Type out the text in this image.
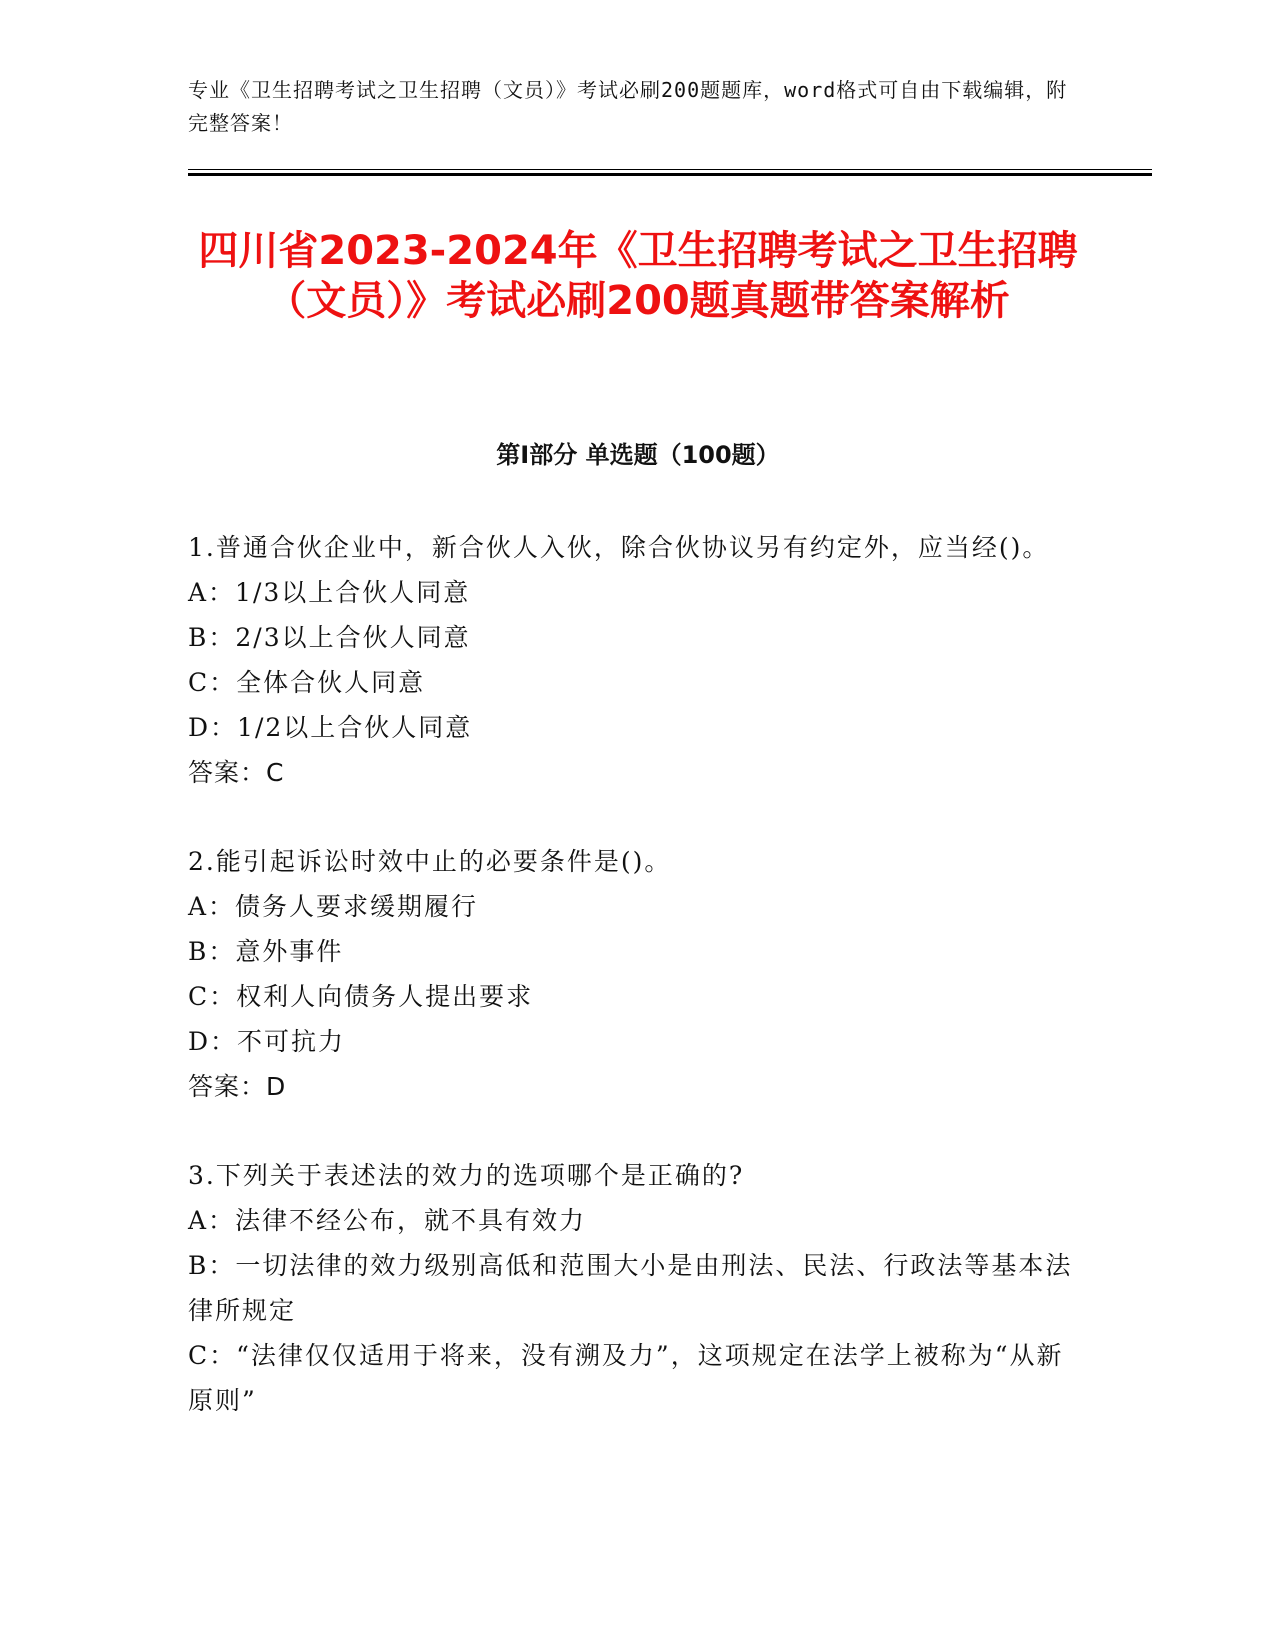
专业《卫生招聘考试之卫生招聘（文员）》考试必刷200题题库，word格式可自由下载编辑，附完整答案！
四川省2023-2024年《卫生招聘考试之卫生招聘（文员）》考试必刷200题真题带答案解析
第I部分 单选题（100题）
1.普通合伙企业中，新合伙人入伙，除合伙协议另有约定外，应当经()。
A：1/3以上合伙人同意
B：2/3以上合伙人同意
C：全体合伙人同意
D：1/2以上合伙人同意
答案：C
2.能引起诉讼时效中止的必要条件是()。
A：债务人要求缓期履行
B：意外事件
C：权利人向债务人提出要求
D：不可抗力
答案：D
3.下列关于表述法的效力的选项哪个是正确的?
A：法律不经公布，就不具有效力
B：一切法律的效力级别高低和范围大小是由刑法、民法、行政法等基本法律所规定
C：“法律仅仅适用于将来，没有溯及力”，这项规定在法学上被称为“从新原则”
